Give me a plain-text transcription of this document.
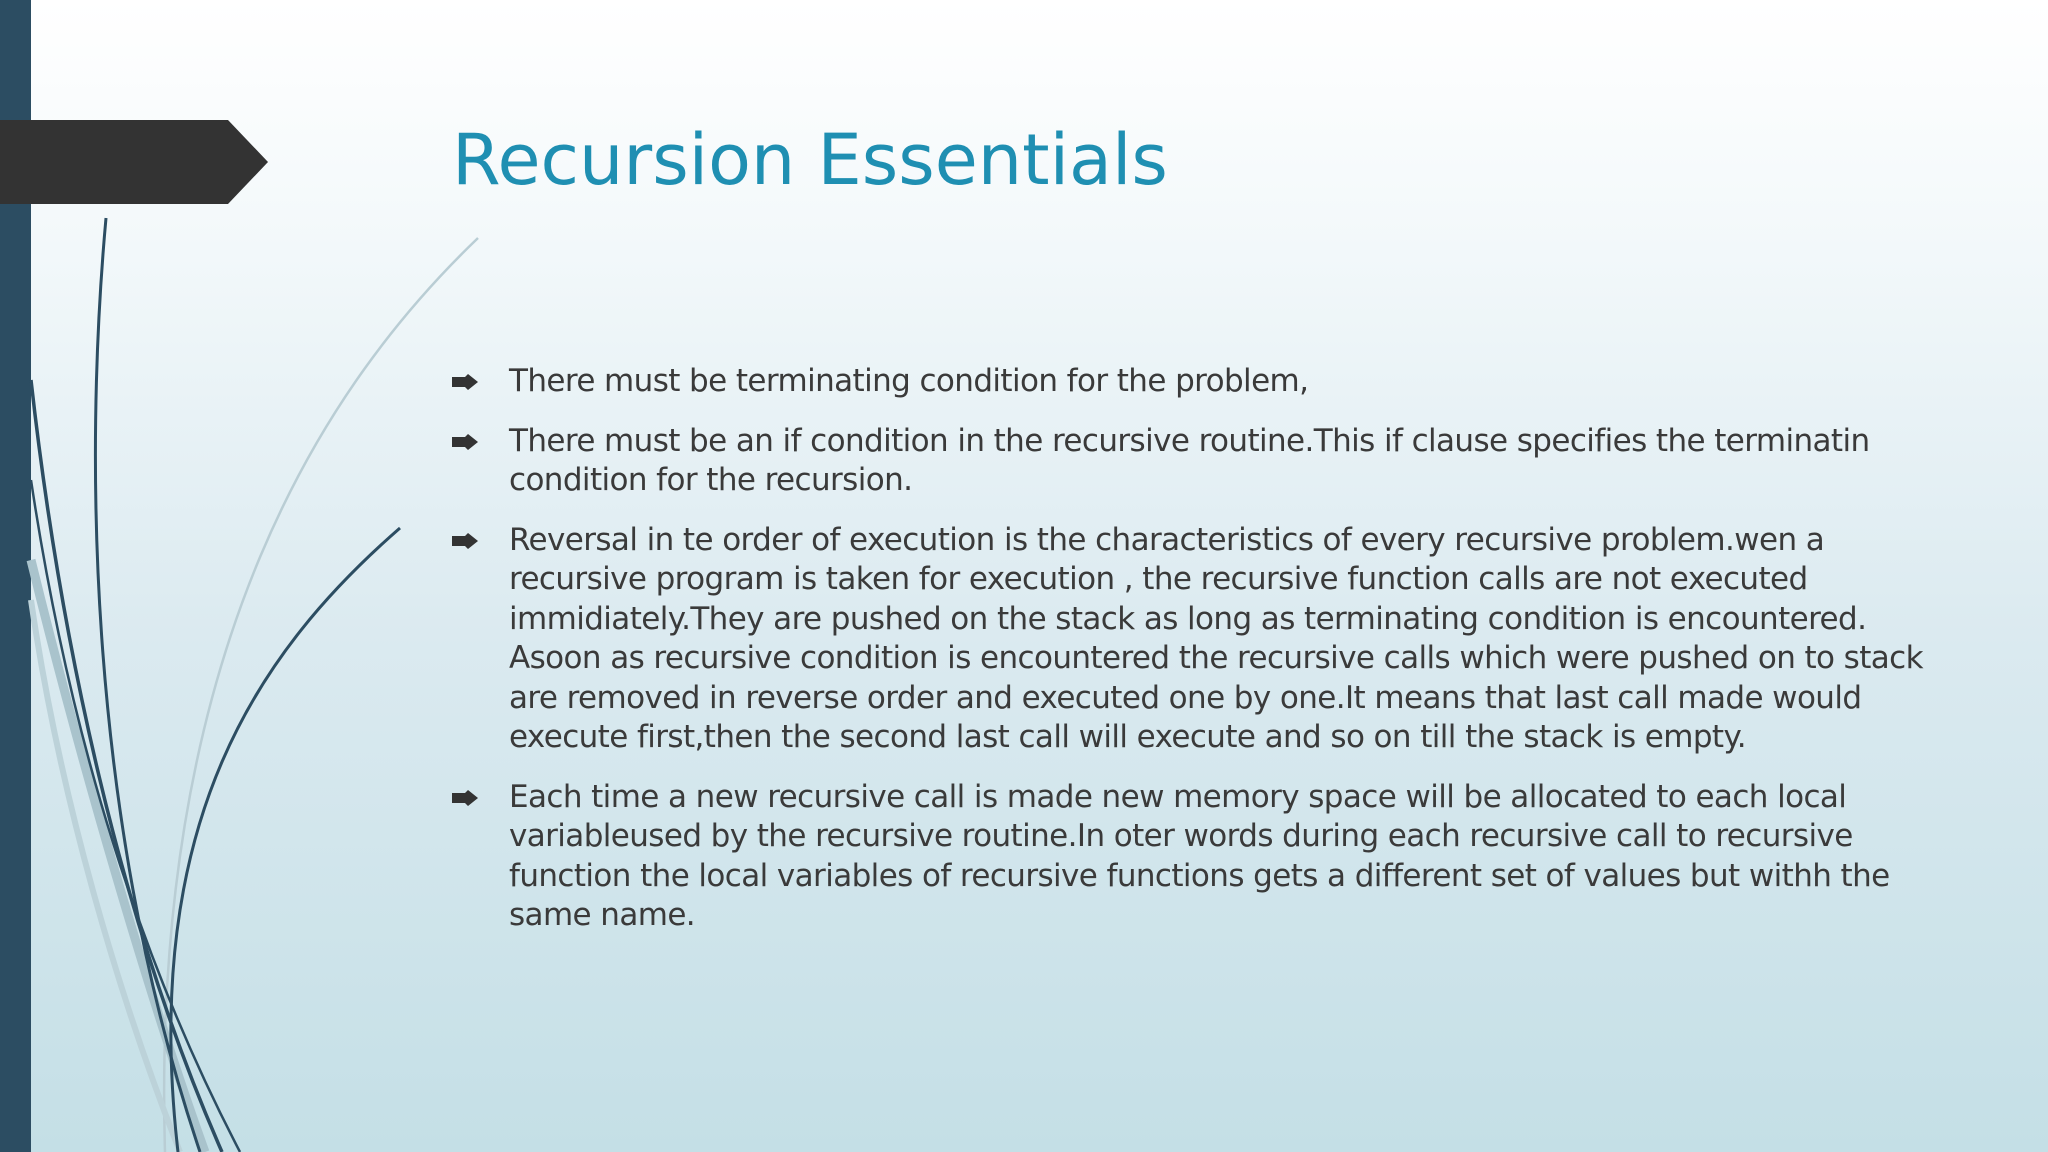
Recursion Essentials
There must be terminating condition for the problem,
There must be an if condition in the recursive routine.This if clause specifies the terminatin condition for the recursion.
Reversal in te order of execution is the characteristics of every recursive problem.wen a recursive program is taken for execution , the recursive function calls are not executed immidiately.They are pushed on the stack as long as terminating condition is encountered. Asoon as recursive condition is encountered the recursive calls which were pushed on to stack are removed in reverse order and executed one by one.It means that last call made would execute first,then the second last call will execute and so on till the stack is empty.
Each time a new recursive call is made new memory space will be allocated to each local variableused by the recursive routine.In oter words during each recursive call to recursive function the local variables of recursive functions gets a different set of values but withh the same name.
